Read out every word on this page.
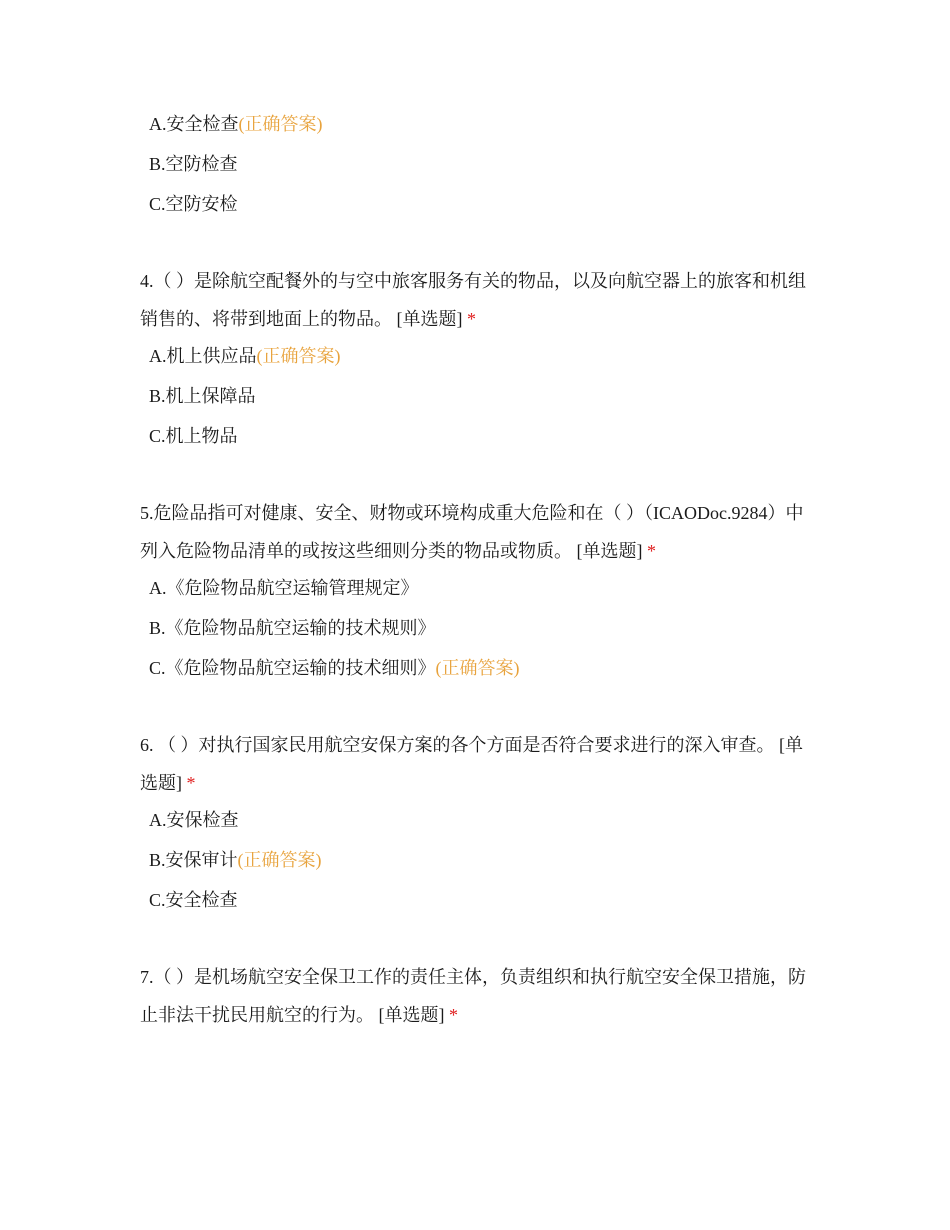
A.安全检查(正确答案)
B.空防检查
C.空防安检
4.（ ）是除航空配餐外的与空中旅客服务有关的物品，以及向航空器上的旅客和机组销售的、将带到地面上的物品。 [单选题] *
A.机上供应品(正确答案)
B.机上保障品
C.机上物品
5.危险品指可对健康、安全、财物或环境构成重大危险和在（ ）（ICAODoc.9284）中列入危险物品清单的或按这些细则分类的物品或物质。 [单选题] *
A.《危险物品航空运输管理规定》
B.《危险物品航空运输的技术规则》
C.《危险物品航空运输的技术细则》(正确答案)
6. （ ）对执行国家民用航空安保方案的各个方面是否符合要求进行的深入审查。 [单选题] *
A.安保检查
B.安保审计(正确答案)
C.安全检查
7.（ ）是机场航空安全保卫工作的责任主体，负责组织和执行航空安全保卫措施，防止非法干扰民用航空的行为。 [单选题] *
